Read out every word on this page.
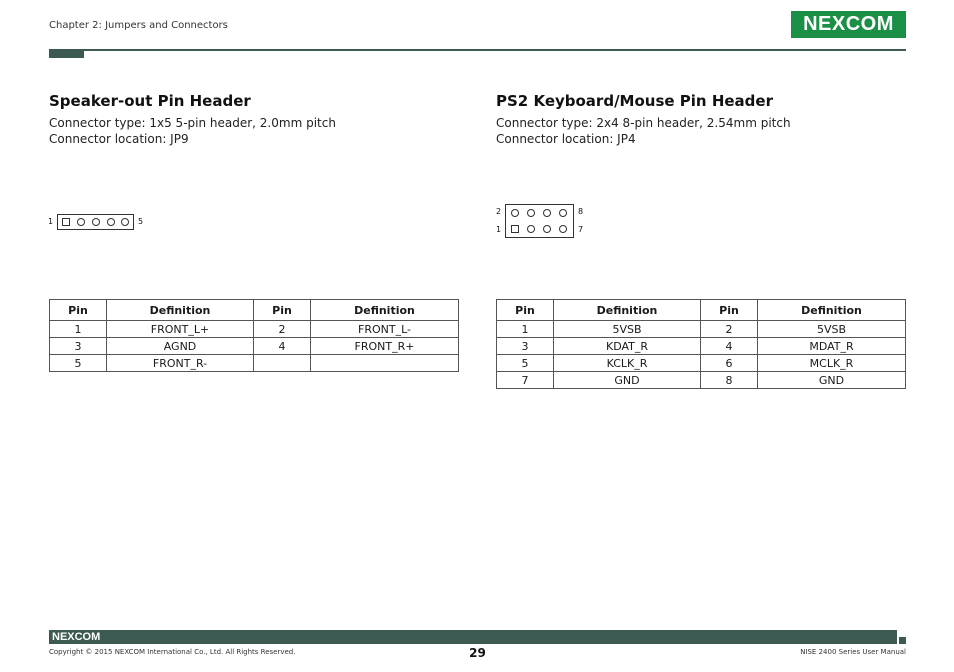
Chapter 2: Jumpers and Connectors	NEXCOM
Speaker-out Pin Header
Connector type: 1x5 5-pin header, 2.0mm pitch
Connector location: JP9
1	5
Pin	Definition	Pin	Definition
1	FRONT_L+	2	FRONT_L-
3	AGND	4	FRONT_R+
5	FRONT_R-		
PS2 Keyboard/Mouse Pin Header
Connector type: 2x4 8-pin header, 2.54mm pitch
Connector location: JP4
2
1
8
7
Pin	Definition	Pin	Definition
1	5VSB	2	5VSB
3	KDAT_R	4	MDAT_R
5	KCLK_R	6	MCLK_R
7	GND	8	GND
NEXCOM
Copyright © 2015 NEXCOM International Co., Ltd. All Rights Reserved.	29	NISE 2400 Series User Manual
